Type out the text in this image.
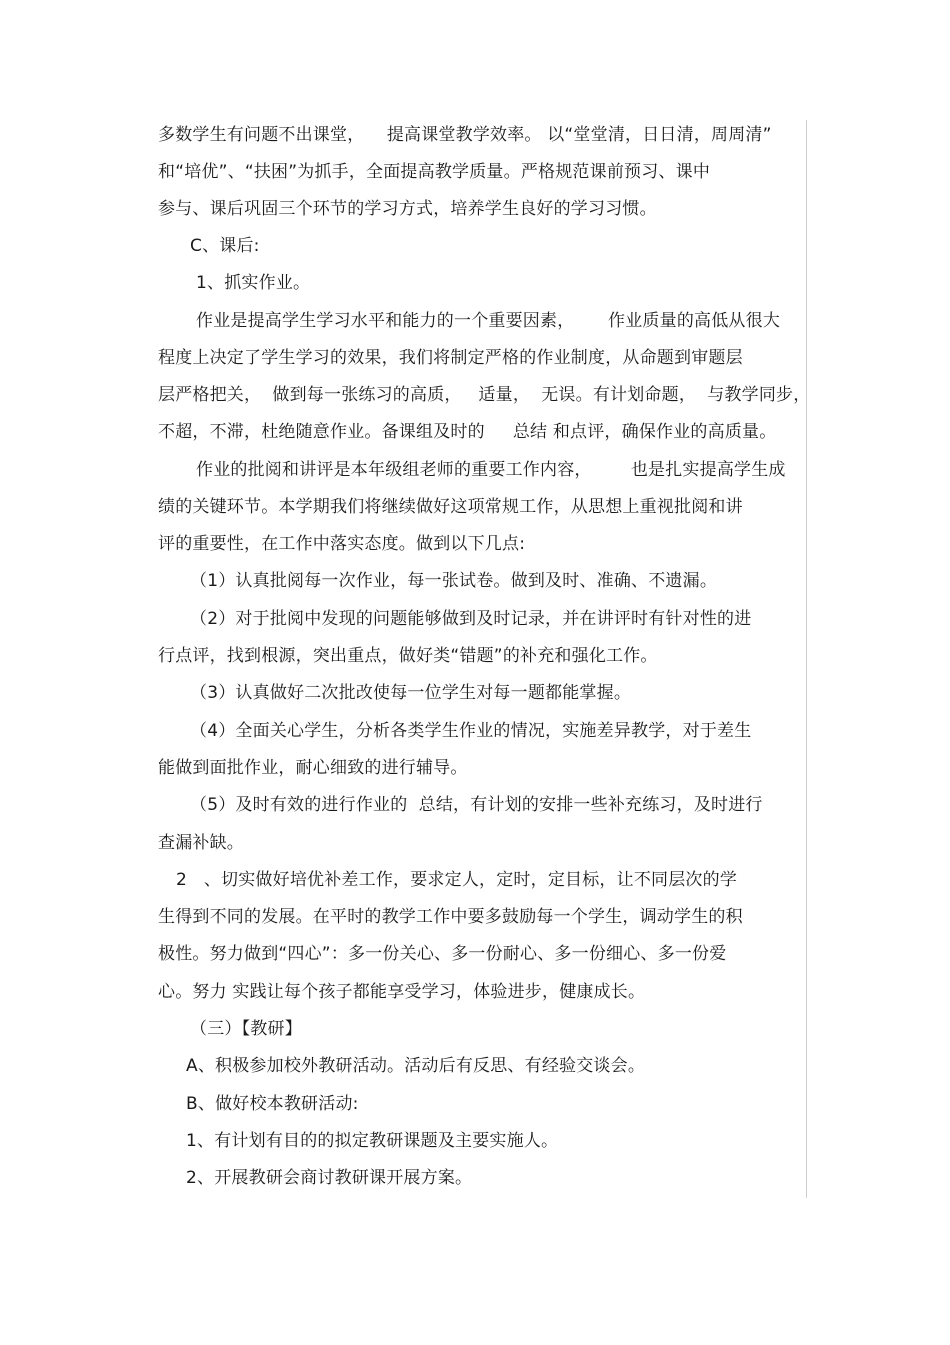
多数学生有问题不出课堂，    提高课堂教学效率。 以“堂堂清，日日清，周周清”
和“培优”、“扶困”为抓手，全面提高教学质量。严格规范课前预习、课中
参与、课后巩固三个环节的学习方式，培养学生良好的学习习惯。
C、课后:
1、抓实作业。
作业是提高学生学习水平和能力的一个重要因素，      作业质量的高低从很大
程度上决定了学生学习的效果，我们将制定严格的作业制度，从命题到审题层
层严格把关，  做到每一张练习的高质，   适量，  无误。有计划命题，  与教学同步，
不超，不滞，杜绝随意作业。备课组及时的     总结 和点评，确保作业的高质量。
作业的批阅和讲评是本年级组老师的重要工作内容，       也是扎实提高学生成
绩的关键环节。本学期我们将继续做好这项常规工作，从思想上重视批阅和讲
评的重要性，在工作中落实态度。做到以下几点:
（1）认真批阅每一次作业，每一张试卷。做到及时、准确、不遗漏。
（2）对于批阅中发现的问题能够做到及时记录，并在讲评时有针对性的进
行点评，找到根源，突出重点，做好类“错题”的补充和强化工作。
（3）认真做好二次批改使每一位学生对每一题都能掌握。
（4）全面关心学生，分析各类学生作业的情况，实施差异教学，对于差生
能做到面批作业，耐心细致的进行辅导。
（5）及时有效的进行作业的  总结，有计划的安排一些补充练习，及时进行
查漏补缺。
2   、切实做好培优补差工作，要求定人，定时，定目标，让不同层次的学
生得到不同的发展。在平时的教学工作中要多鼓励每一个学生，调动学生的积
极性。努力做到“四心”：多一份关心、多一份耐心、多一份细心、多一份爱
心。努力 实践让每个孩子都能享受学习，体验进步，健康成长。
（三）【教研】
A、积极参加校外教研活动。活动后有反思、有经验交谈会。
B、做好校本教研活动:
1、有计划有目的的拟定教研课题及主要实施人。
2、开展教研会商讨教研课开展方案。
